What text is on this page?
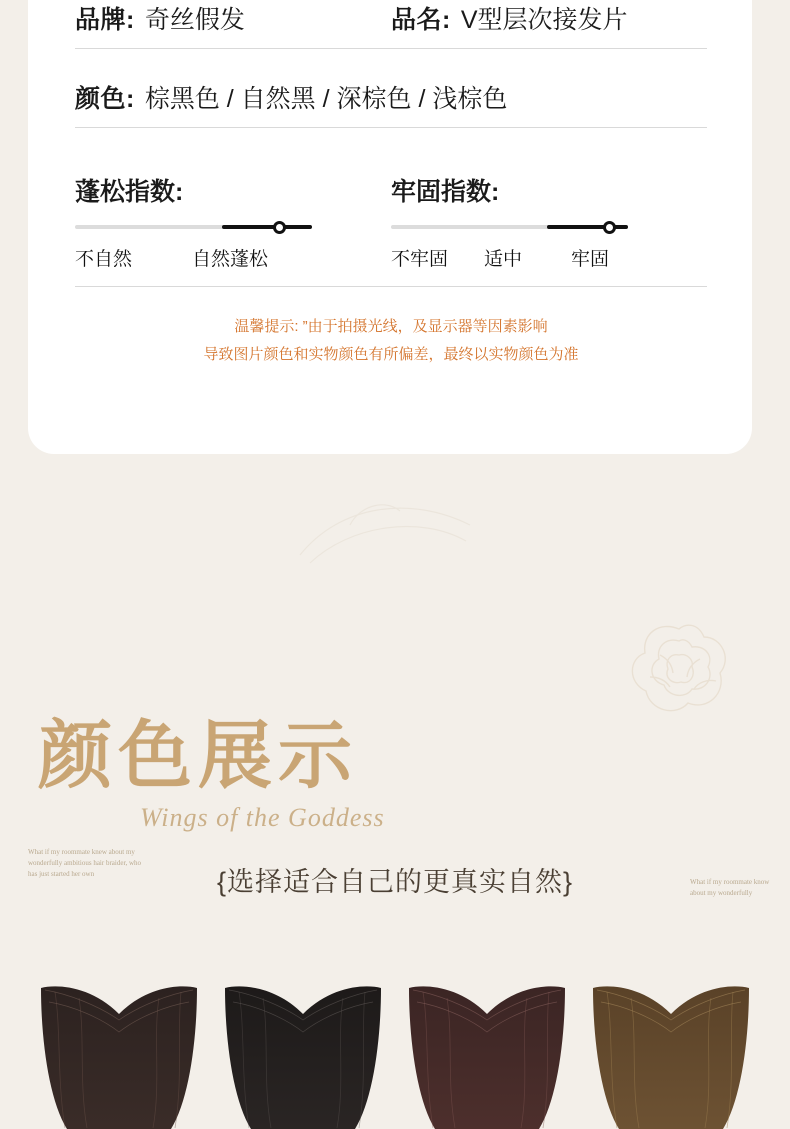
品牌: 奇丝假发	品名: V型层次接发片
颜色: 棕黑色 / 自然黑 / 深棕色 / 浅棕色
蓬松指数:
不自然	自然蓬松
牢固指数:
不牢固 适中	牢固
温馨提示: ”由于拍摄光线，及显示器等因素影响
导致图片颜色和实物颜色有所偏差，最终以实物颜色为准
颜色展示
Wings of the Goddess
What if my roommate knew about my wonderfully ambitious hair braider, who has just started her own
What if my roommate know about my wonderfully
{选择适合自己的更真实自然}
